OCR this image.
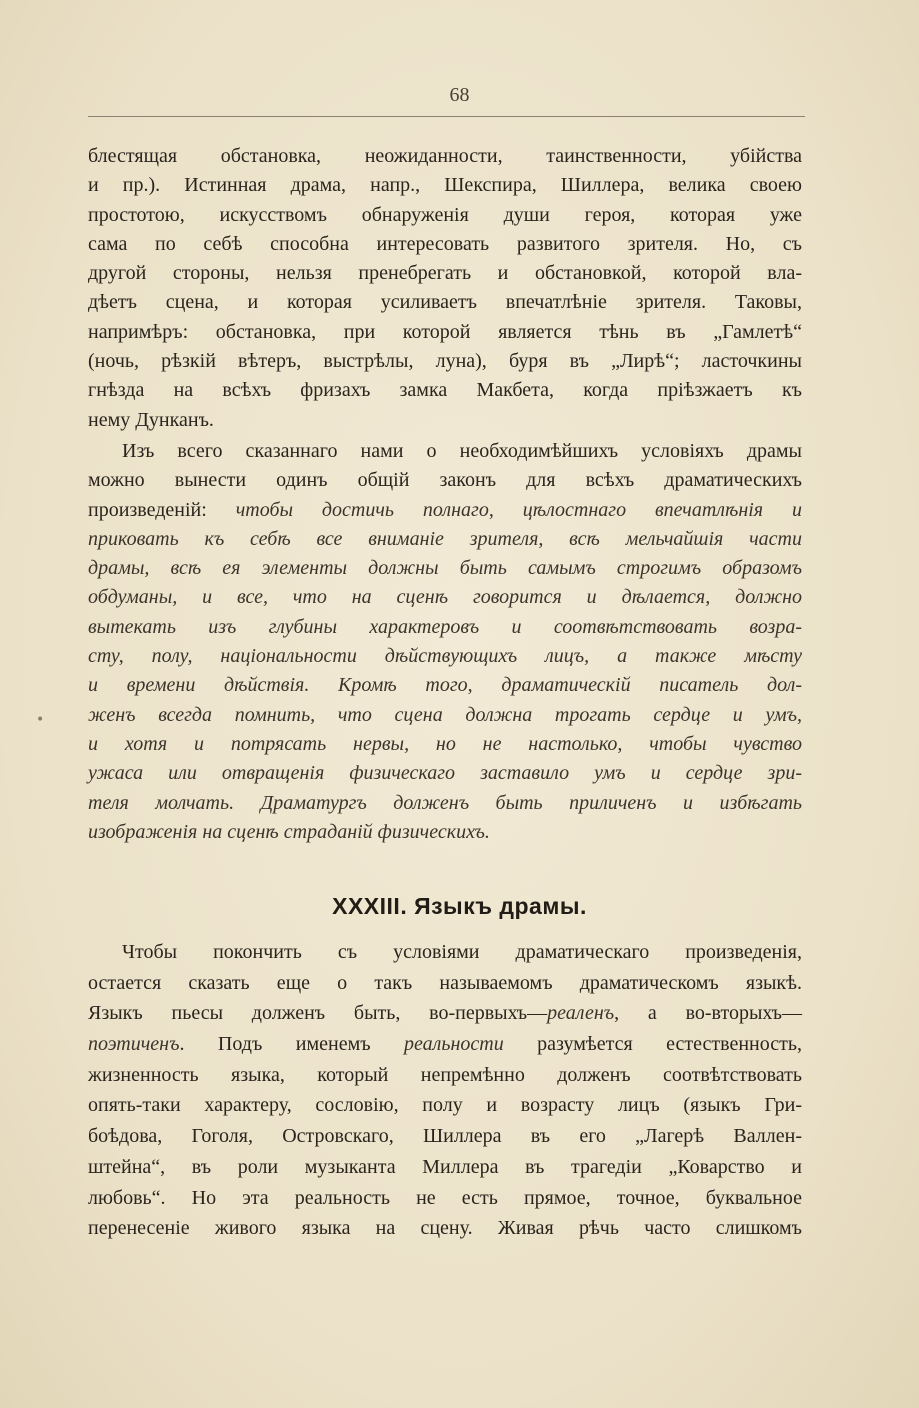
68
блестящая обстановка, неожиданности, таинственности, убійства
и пр.). Истинная драма, напр., Шекспира, Шиллера, велика своею
простотою, искусствомъ обнаруженія души героя, которая уже
сама по себѣ способна интересовать развитого зрителя. Но, съ
другой стороны, нельзя пренебрегать и обстановкой, которой вла-
дѣетъ сцена, и которая усиливаетъ впечатлѣніе зрителя. Таковы,
напримѣръ: обстановка, при которой является тѣнь въ „Гамлетѣ“
(ночь, рѣзкій вѣтеръ, выстрѣлы, луна), буря въ „Лирѣ“; ласточкины
гнѣзда на всѣхъ фризахъ замка Макбета, когда пріѣзжаетъ къ
нему Дунканъ.
Изъ всего сказаннаго нами о необходимѣйшихъ условіяхъ драмы
можно вынести одинъ общій законъ для всѣхъ драматическихъ
произведеній: чтобы достичь полнаго, цѣлостнаго впечатлѣнія и
приковать къ себѣ все вниманіе зрителя, всѣ мельчайшія части
драмы, всѣ ея элементы должны быть самымъ строгимъ образомъ
обдуманы, и все, что на сценѣ говорится и дѣлается, должно
вытекать изъ глубины характеровъ и соотвѣтствовать возра-
сту, полу, національности дѣйствующихъ лицъ, а также мѣсту
и времени дѣйствія. Кромѣ того, драматическій писатель дол-
женъ всегда помнить, что сцена должна трогать сердце и умъ,
и хотя и потрясать нервы, но не настолько, чтобы чувство
ужаса или отвращенія физическаго заставило умъ и сердце зри-
теля молчать. Драматургъ долженъ быть приличенъ и избѣгать
изображенія на сценѣ страданій физическихъ.
XXXIII. Языкъ драмы.
Чтобы покончить съ условіями драматическаго произведенія,
остается сказать еще о такъ называемомъ драматическомъ языкѣ.
Языкъ пьесы долженъ быть, во-первыхъ—реаленъ, а во-вторыхъ—
поэтиченъ. Подъ именемъ реальности разумѣется естественность,
жизненность языка, который непремѣнно долженъ соотвѣтствовать
опять-таки характеру, сословію, полу и возрасту лицъ (языкъ Гри-
боѣдова, Гоголя, Островскаго, Шиллера въ его „Лагерѣ Валлен-
штейна“, въ роли музыканта Миллера въ трагедіи „Коварство и
любовь“. Но эта реальность не есть прямое, точное, буквальное
перенесеніе живого языка на сцену. Живая рѣчь часто слишкомъ
•
